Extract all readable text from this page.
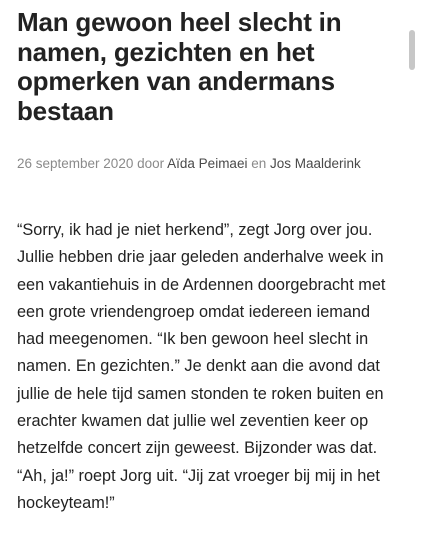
Man gewoon heel slecht in namen, gezichten en het opmerken van andermans bestaan
26 september 2020 door Aïda Peimaei en Jos Maalderink

“Sorry, ik had je niet herkend”, zegt Jorg over jou. Jullie hebben drie jaar geleden anderhalve week in een vakantiehuis in de Ardennen doorgebracht met een grote vriendengroep omdat iedereen iemand had meegenomen. “Ik ben gewoon heel slecht in namen. En gezichten.” Je denkt aan die avond dat jullie de hele tijd samen stonden te roken buiten en erachter kwamen dat jullie wel zeventien keer op hetzelfde concert zijn geweest. Bijzonder was dat. “Ah, ja!” roept Jorg uit. “Jij zat vroeger bij mij in het hockeyteam!”
